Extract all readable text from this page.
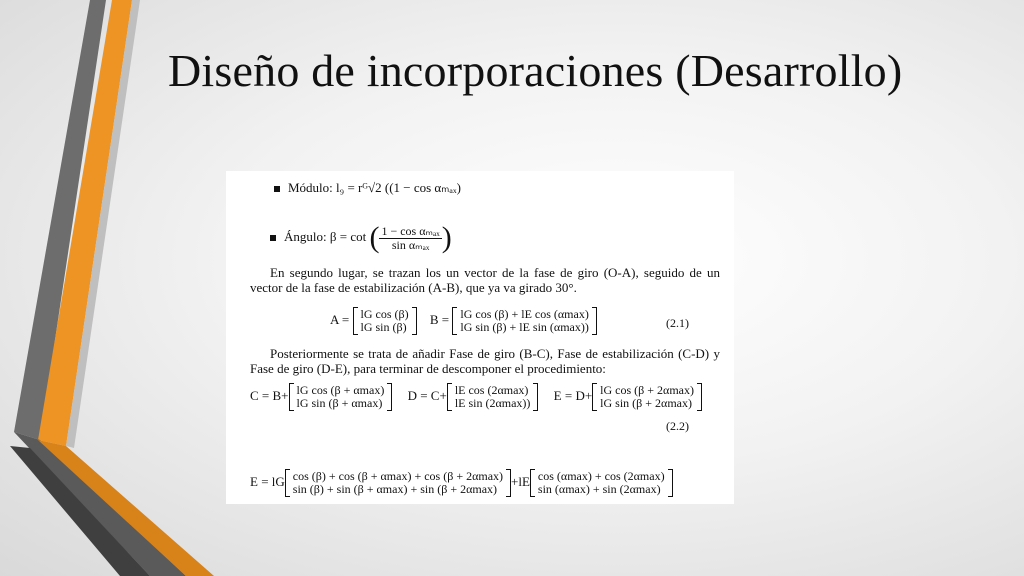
Diseño de incorporaciones (Desarrollo)
Módulo: l₉ = rᴳ√2 ((1 − cos αₘₐₓ)
Ángulo: β = cot ( $\frac{\text{1 − cos αₘₐₓ}}{\text{sin αₘₐₓ}}$ )
En segundo lugar, se trazan los un vector de la fase de giro (O-A), seguido de un vector de la fase de estabilización (A-B), que ya va girado 30°.
A = lG cos (β)
lG sin (β)
B = lG cos (β) + lE cos (αmax)
lG sin (β) + lE sin (αmax))	(2.1)
Posteriormente se trata de añadir Fase de giro (B-C), Fase de estabilización (C-D) y Fase de giro (D-E), para terminar de descomponer el procedimiento:
C = B+ lG cos (β + αmax)
lG sin (β + αmax)
D = C+ lE cos (2αmax)
lE sin (2αmax))
E = D+ lG cos (β + 2αmax)
lG sin (β + 2αmax)
(2.2)
E = lG cos (β) + cos (β + αmax) + cos (β + 2αmax)
sin (β) + sin (β + αmax) + sin (β + 2αmax)
+lE cos (αmax) + cos (2αmax)
sin (αmax) + sin (2αmax)
